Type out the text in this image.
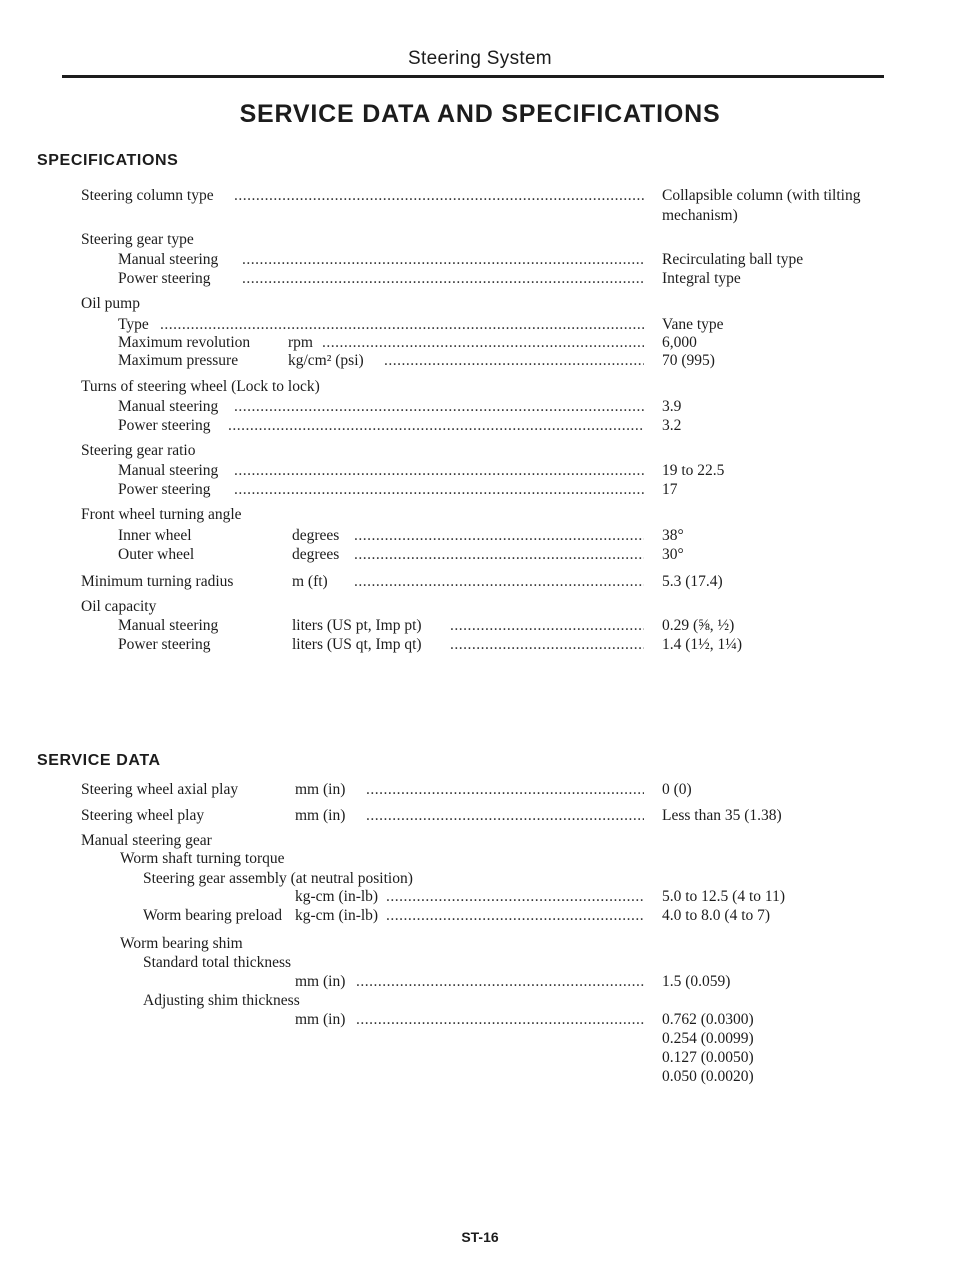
Steering System
SERVICE DATA AND SPECIFICATIONS
SPECIFICATIONS
Steering column type .....	Collapsible column (with tilting
mechanism)
Steering gear type
Manual steering .....	Recirculating ball type
Power steering .....	Integral type
Oil pump
Type .....	Vane type
Maximum revolution rpm .....	6,000
Maximum pressure	kg/cm² (psi) .....	70 (995)
Turns of steering wheel (Lock to lock)
Manual steering .....	3.9
Power steering .....	3.2
Steering gear ratio
Manual steering .....	19 to 22.5
Power steering .....	17
Front wheel turning angle
Inner wheel	degrees .....	38°
Outer wheel	degrees .....	30°
Minimum turning radius	m (ft) .....	5.3 (17.4)
Oil capacity
Manual steering	liters (US pt, Imp pt) .....	0.29 (⅝, ½)
Power steering	liters (US qt, Imp qt) .....	1.4 (1½, 1¼)
SERVICE DATA
Steering wheel axial play	mm (in) .....	0 (0)
Steering wheel play	mm (in) .....	Less than 35 (1.38)
Manual steering gear
Worm shaft turning torque
Steering gear assembly (at neutral position)
kg-cm (in-lb) .....	5.0 to 12.5 (4 to 11)
Worm bearing preload kg-cm (in-lb) .....	4.0 to 8.0 (4 to 7)
Worm bearing shim
Standard total thickness
mm (in) .....	1.5 (0.059)
Adjusting shim thickness
mm (in) .....	0.762 (0.0300)
0.254 (0.0099)
0.127 (0.0050)
0.050 (0.0020)
ST-16
